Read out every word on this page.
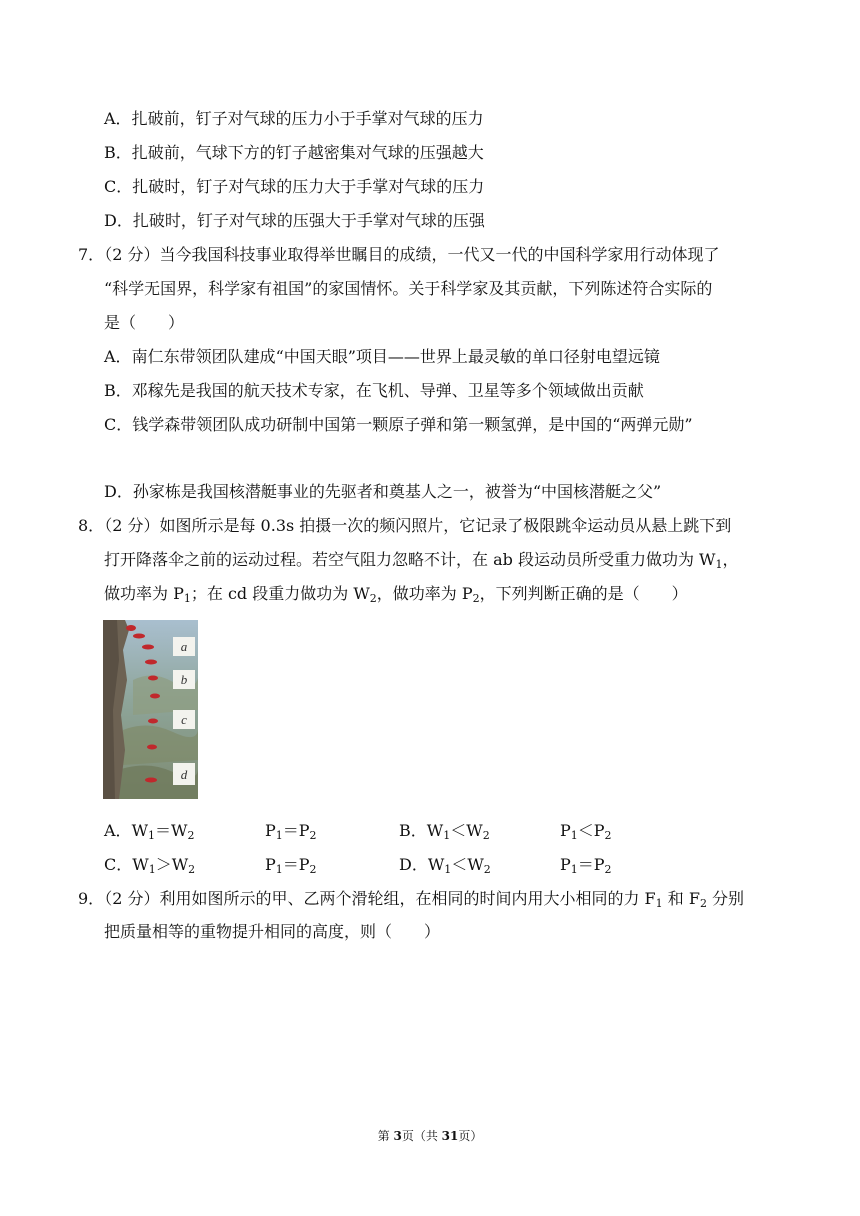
A．扎破前，钉子对气球的压力小于手掌对气球的压力
B．扎破前，气球下方的钉子越密集对气球的压强越大
C．扎破时，钉子对气球的压力大于手掌对气球的压力
D．扎破时，钉子对气球的压强大于手掌对气球的压强
7．（2 分）当今我国科技事业取得举世瞩目的成绩，一代又一代的中国科学家用行动体现了
“科学无国界，科学家有祖国”的家国情怀。关于科学家及其贡献，下列陈述符合实际的
是（　　）
A．南仁东带领团队建成“中国天眼”项目——世界上最灵敏的单口径射电望远镜
B．邓稼先是我国的航天技术专家，在飞机、导弹、卫星等多个领域做出贡献
C．钱学森带领团队成功研制中国第一颗原子弹和第一颗氢弹，是中国的“两弹元勋”
D．孙家栋是我国核潜艇事业的先驱者和奠基人之一，被誉为“中国核潜艇之父”
8．（2 分）如图所示是每 0.3s 拍摄一次的频闪照片，它记录了极限跳伞运动员从悬上跳下到
打开降落伞之前的运动过程。若空气阻力忽略不计，在 ab 段运动员所受重力做功为 $W_1$，
做功率为 $P_1$；在 cd 段重力做功为 $W_2$，做功率为 $P_2$，下列判断正确的是（　　）
a
b
c
d
A．$W_1=W_2$	$P_1=P_2$	B．$W_1<W_2$	$P_1<P_2$
C．$W_1>W_2$	$P_1=P_2$	D．$W_1<W_2$	$P_1=P_2$
9．（2 分）利用如图所示的甲、乙两个滑轮组，在相同的时间内用大小相同的力 $F_1$ 和 $F_2$ 分别
把质量相等的重物提升相同的高度，则（　　）
第 3页（共 31页）
